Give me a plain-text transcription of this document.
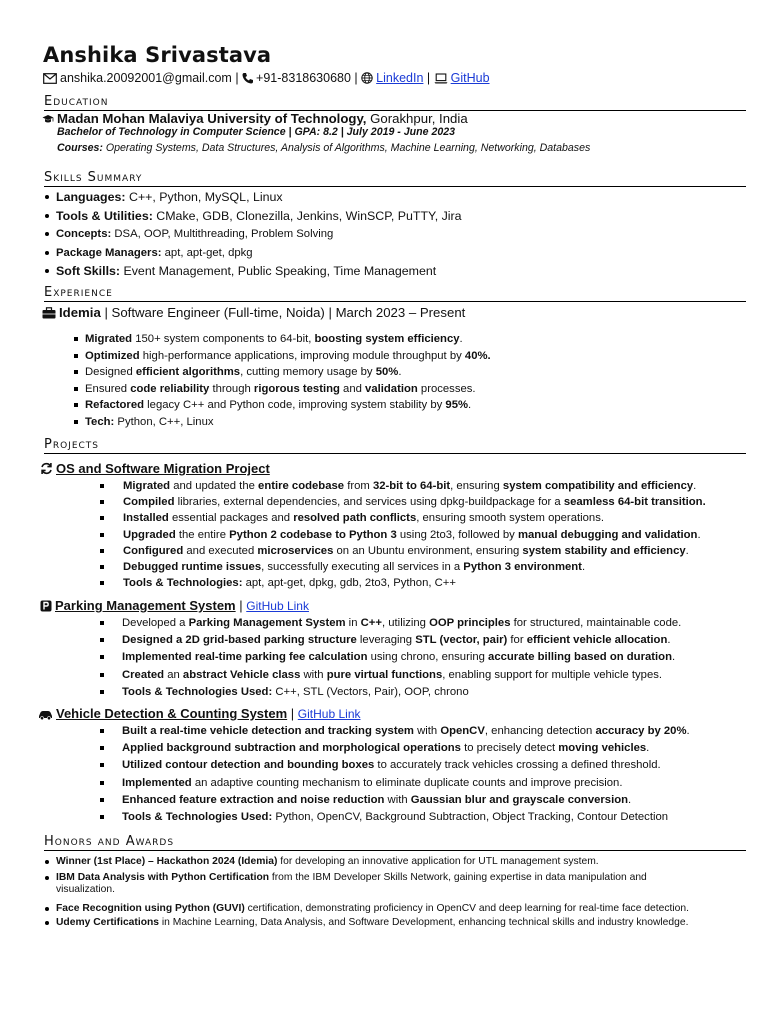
Anshika Srivastava
anshika.20092001@gmail.com | +91-8318630680 | LinkedIn | GitHub
Education
Madan Mohan Malaviya University of Technology, Gorakhpur, India
Bachelor of Technology in Computer Science | GPA: 8.2 | July 2019 - June 2023
Courses: Operating Systems, Data Structures, Analysis of Algorithms, Machine Learning, Networking, Databases
Skills Summary
Languages: C++, Python, MySQL, Linux
Tools & Utilities: CMake, GDB, Clonezilla, Jenkins, WinSCP, PuTTY, Jira
Concepts: DSA, OOP, Multithreading, Problem Solving
Package Managers: apt, apt-get, dpkg
Soft Skills: Event Management, Public Speaking, Time Management
Experience
Idemia | Software Engineer (Full-time, Noida) | March 2023 – Present
Migrated 150+ system components to 64-bit, boosting system efficiency.
Optimized high-performance applications, improving module throughput by 40%.
Designed efficient algorithms, cutting memory usage by 50%.
Ensured code reliability through rigorous testing and validation processes.
Refactored legacy C++ and Python code, improving system stability by 95%.
Tech: Python, C++, Linux
Projects
OS and Software Migration Project
Migrated and updated the entire codebase from 32-bit to 64-bit, ensuring system compatibility and efficiency.
Compiled libraries, external dependencies, and services using dpkg-buildpackage for a seamless 64-bit transition.
Installed essential packages and resolved path conflicts, ensuring smooth system operations.
Upgraded the entire Python 2 codebase to Python 3 using 2to3, followed by manual debugging and validation.
Configured and executed microservices on an Ubuntu environment, ensuring system stability and efficiency.
Debugged runtime issues, successfully executing all services in a Python 3 environment.
Tools & Technologies: apt, apt-get, dpkg, gdb, 2to3, Python, C++
Parking Management System | GitHub Link
Developed a Parking Management System in C++, utilizing OOP principles for structured, maintainable code.
Designed a 2D grid-based parking structure leveraging STL (vector, pair) for efficient vehicle allocation.
Implemented real-time parking fee calculation using chrono, ensuring accurate billing based on duration.
Created an abstract Vehicle class with pure virtual functions, enabling support for multiple vehicle types.
Tools & Technologies Used: C++, STL (Vectors, Pair), OOP, chrono
Vehicle Detection & Counting System | GitHub Link
Built a real-time vehicle detection and tracking system with OpenCV, enhancing detection accuracy by 20%.
Applied background subtraction and morphological operations to precisely detect moving vehicles.
Utilized contour detection and bounding boxes to accurately track vehicles crossing a defined threshold.
Implemented an adaptive counting mechanism to eliminate duplicate counts and improve precision.
Enhanced feature extraction and noise reduction with Gaussian blur and grayscale conversion.
Tools & Technologies Used: Python, OpenCV, Background Subtraction, Object Tracking, Contour Detection
Honors and Awards
Winner (1st Place) – Hackathon 2024 (Idemia) for developing an innovative application for UTL management system.
IBM Data Analysis with Python Certification from the IBM Developer Skills Network, gaining expertise in data manipulation and
visualization.
Face Recognition using Python (GUVI) certification, demonstrating proficiency in OpenCV and deep learning for real-time face detection.
Udemy Certifications in Machine Learning, Data Analysis, and Software Development, enhancing technical skills and industry knowledge.
